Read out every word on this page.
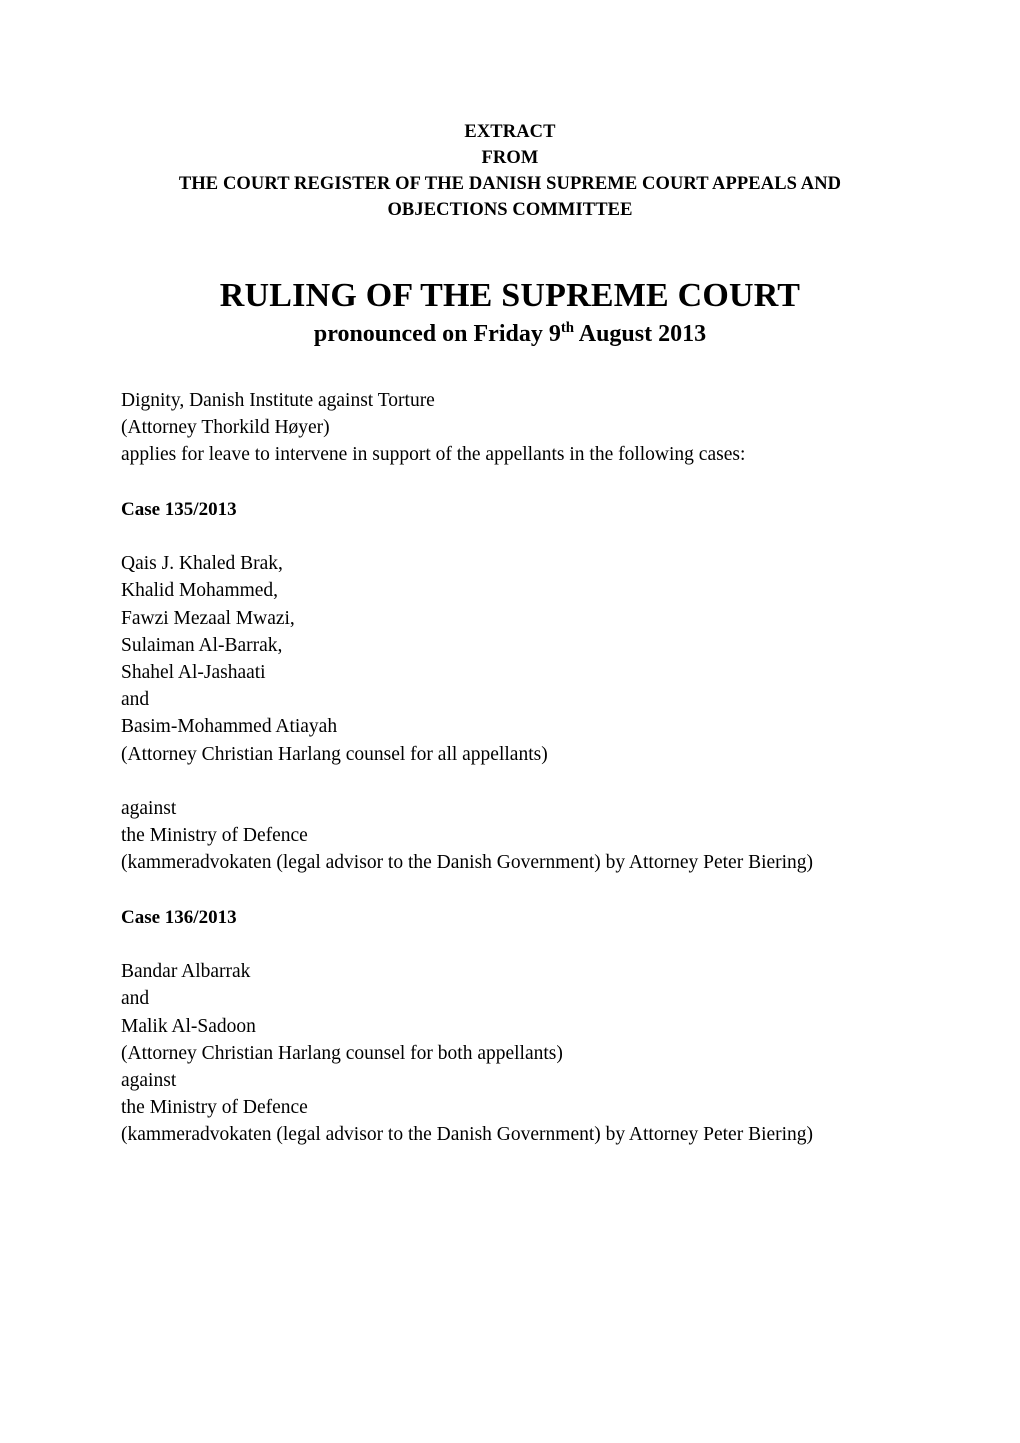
EXTRACT
FROM
THE COURT REGISTER OF THE DANISH SUPREME COURT APPEALS AND OBJECTIONS COMMITTEE
RULING OF THE SUPREME COURT
pronounced on Friday 9th August 2013
Dignity, Danish Institute against Torture
(Attorney Thorkild Høyer)
applies for leave to intervene in support of the appellants in the following cases:
Case 135/2013
Qais J. Khaled Brak,
Khalid Mohammed,
Fawzi Mezaal Mwazi,
Sulaiman Al-Barrak,
Shahel Al-Jashaati
and
Basim-Mohammed Atiayah
(Attorney Christian Harlang counsel for all appellants)
against
the Ministry of Defence
(kammeradvokaten (legal advisor to the Danish Government) by Attorney Peter Biering)
Case 136/2013
Bandar Albarrak
and
Malik Al-Sadoon
(Attorney Christian Harlang counsel for both appellants)
against
the Ministry of Defence
(kammeradvokaten (legal advisor to the Danish Government) by Attorney Peter Biering)
